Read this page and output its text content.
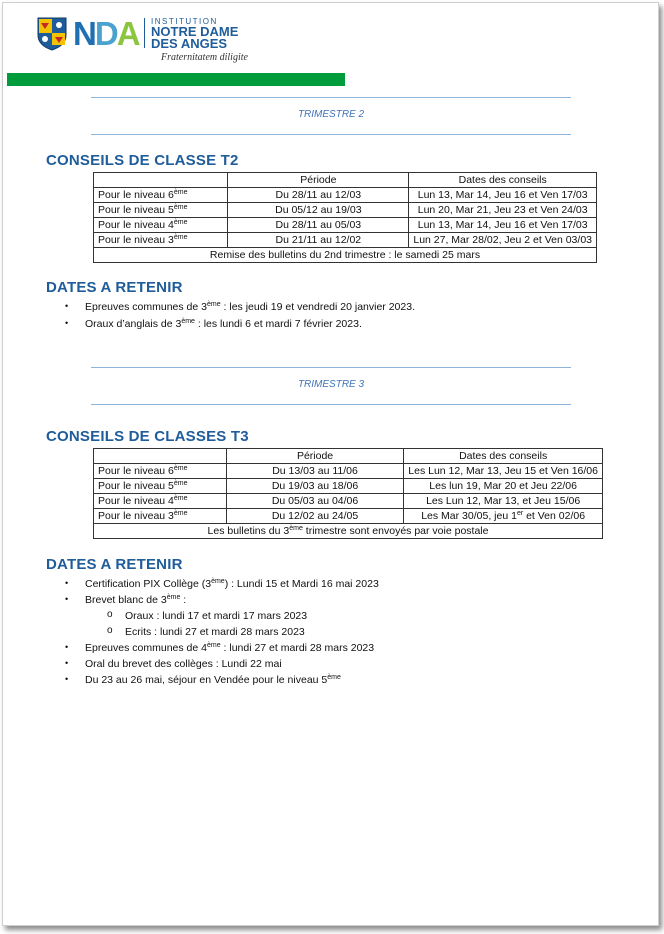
NDA INSTITUTION
NOTRE DAME
DES ANGES
Fraternitatem diligite
TRIMESTRE 2
CONSEILS DE CLASSE T2
	Période	Dates des conseils
Pour le niveau 6ème	Du 28/11 au 12/03	Lun 13, Mar 14, Jeu 16 et Ven 17/03
Pour le niveau 5ème	Du 05/12 au 19/03	Lun 20, Mar 21, Jeu 23 et Ven 24/03
Pour le niveau 4ème	Du 28/11 au 05/03	Lun 13, Mar 14, Jeu 16 et Ven 17/03
Pour le niveau 3ème	Du 21/11 au 12/02	Lun 27, Mar 28/02, Jeu 2 et Ven 03/03
Remise des bulletins du 2nd trimestre : le samedi 25 mars		
DATES A RETENIR
• Epreuves communes de 3ème : les jeudi 19 et vendredi 20 janvier 2023.
• Oraux d’anglais de 3ème : les lundi 6 et mardi 7 février 2023.
TRIMESTRE 3
CONSEILS DE CLASSES T3
	Période	Dates des conseils
Pour le niveau 6ème	Du 13/03 au 11/06	Les Lun 12, Mar 13, Jeu 15 et Ven 16/06
Pour le niveau 5ème	Du 19/03 au 18/06	Les lun 19, Mar 20 et Jeu 22/06
Pour le niveau 4ème	Du 05/03 au 04/06	Les Lun 12, Mar 13, et Jeu 15/06
Pour le niveau 3ème	Du 12/02 au 24/05	Les Mar 30/05, jeu 1er et Ven 02/06
Les bulletins du 3ème trimestre sont envoyés par voie postale		
DATES A RETENIR
• Certification PIX Collège (3ème) : Lundi 15 et Mardi 16 mai 2023
• Brevet blanc de 3ème :
o Oraux : lundi 17 et mardi 17 mars 2023
o Ecrits : lundi 27 et mardi 28 mars 2023
• Epreuves communes de 4ème : lundi 27 et mardi 28 mars 2023
• Oral du brevet des collèges : Lundi 22 mai
• Du 23 au 26 mai, séjour en Vendée pour le niveau 5ème
